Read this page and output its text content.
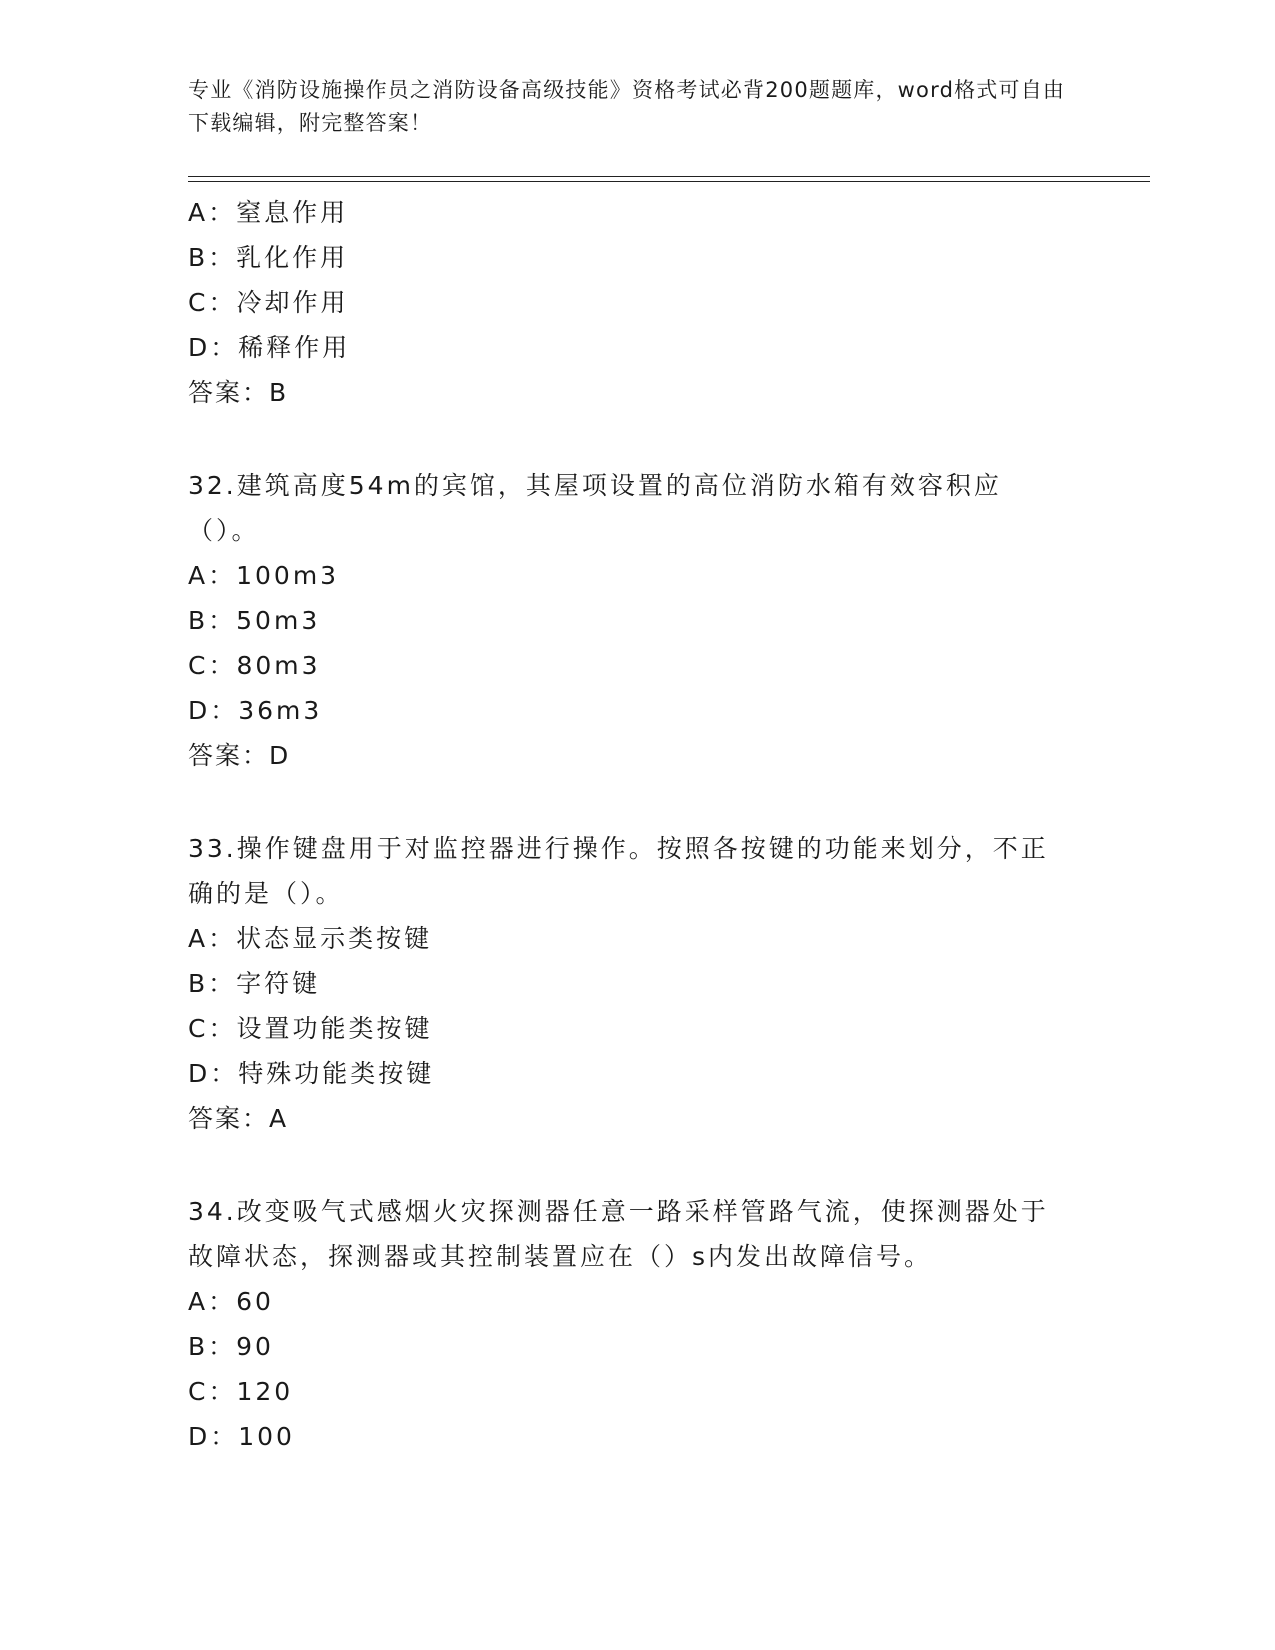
专业《消防设施操作员之消防设备高级技能》资格考试必背200题题库，word格式可自由下载编辑，附完整答案！
A：窒息作用
B：乳化作用
C：冷却作用
D：稀释作用
答案：B
32.建筑高度54m的宾馆，其屋项设置的高位消防水箱有效容积应（）。
A：100m3
B：50m3
C：80m3
D：36m3
答案：D
33.操作键盘用于对监控器进行操作。按照各按键的功能来划分，不正确的是（）。
A：状态显示类按键
B：字符键
C：设置功能类按键
D：特殊功能类按键
答案：A
34.改变吸气式感烟火灾探测器任意一路采样管路气流，使探测器处于故障状态，探测器或其控制装置应在（）s内发出故障信号。
A：60
B：90
C：120
D：100
